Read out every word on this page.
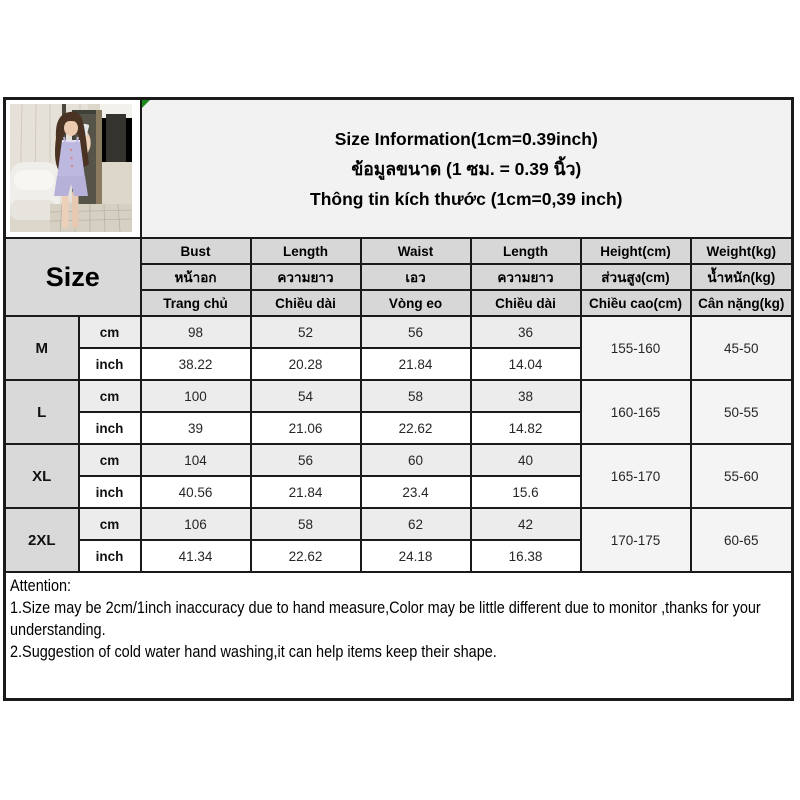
Size Information(1cm=0.39inch)
ข้อมูลขนาด (1 ซม. = 0.39 นิ้ว)
Thông tin kích thước (1cm=0,39 inch)					

Size		Bust	Length	Waist	Length	Height(cm)	Weight(kg)
		หน้าอก	ความยาว	เอว	ความยาว	ส่วนสูง(cm)	น้ำหนัก(kg)
		Trang chủ	Chiều dài	Vòng eo	Chiều dài	Chiều cao(cm)	Cân nặng(kg)
M	cm	98	52	56	36	155-160	45-50
	inch	38.22	20.28	21.84	14.04		
L	cm	100	54	58	38	160-165	50-55
	inch	39	21.06	22.62	14.82		
XL	cm	104	56	60	40	165-170	55-60
	inch	40.56	21.84	23.4	15.6		
2XL	cm	106	58	62	42	170-175	60-65
	inch	41.34	22.62	24.18	16.38		

Attention:
1.Size may be 2cm/1inch inaccuracy due to hand measure,Color may be little different due to monitor ,thanks for your understanding.
2.Suggestion of cold water hand washing,it can help items keep their shape.							
